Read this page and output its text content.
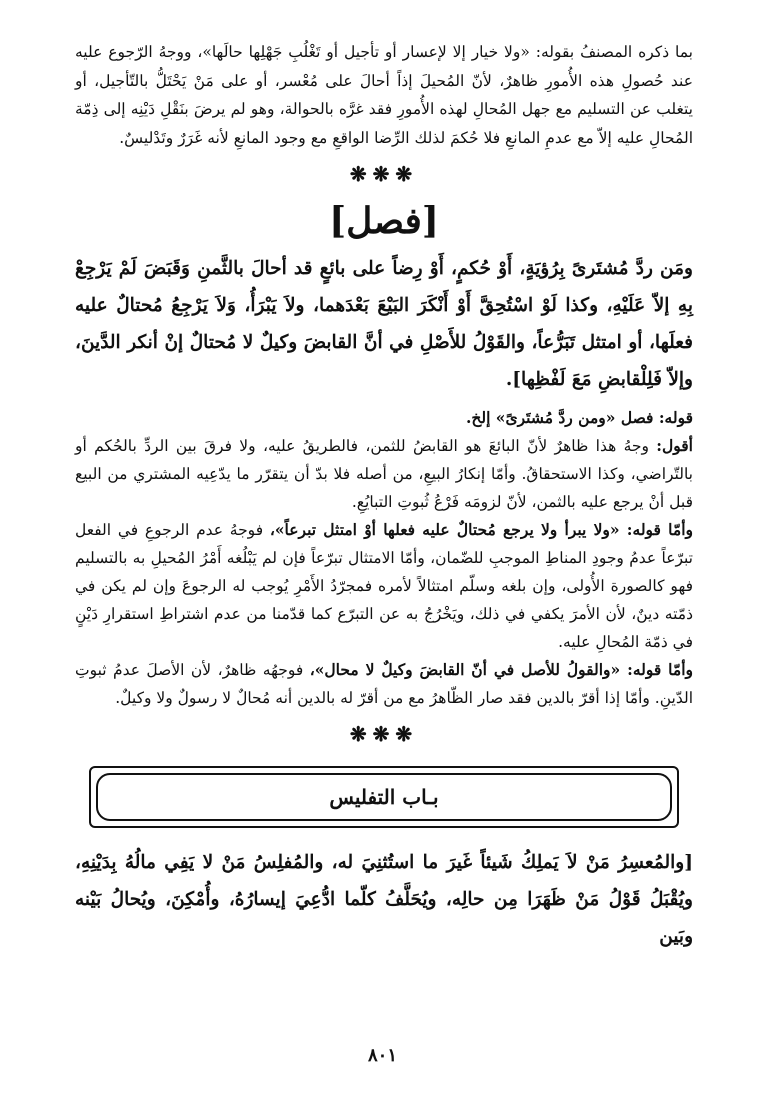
بما ذكره المصنفُ بقوله: «ولا خيار إلا لإعسار أو تأجيل أو تَغْلُبِ جَهْلِها حالَها»، ووجهُ الرّجوع عليه عند حُصولِ هذه الأُمورِ ظاهرٌ، لأنّ المُحيلَ إذاً أحالَ على مُعْسر، أو على مَنْ يَحْتَلُّ بالتّأجيل، أو يتغلب عن التسليم مع جهل المُحالِ لهذه الأُمورِ فقد غرَّه بالحوالة، وهو لم يرضَ بنَقْلِ دَيْنِه إلى ذِمّة المُحالِ عليه إلاّ مع عدمِ المانعِ فلا حُكمَ لذلك الرِّضا الواقعِ مع وجود المانعِ لأنه غَرَرٌ وتَدْليسٌ.

❋❋❋
[فصل]

ومَن ردَّ مُشتَرىً بِرُؤيَةٍ، أَوْ حُكمٍ، أَوْ رِضاً على بائعٍ قد أحالَ بالثَّمنِ وَقَبَضَ لَمْ يَرْجِعْ بِهِ إلاّ عَلَيْهِ، وكذا لَوْ اسْتُحِقَّ أَوْ أَنْكَرَ البَيْعَ بَعْدَهما، ولاَ يَبْرَأُ، وَلاَ يَرْجِعُ مُحتالٌ عليه فعلَها، أو امتثل تَبَرُّعاً، والقَوْلُ للأَصْلِ في أنَّ القابضَ وكيلٌ لا مُحتالٌ إنْ أنكر الدَّينَ، وإلاّ فَلِلْقابضِ مَعَ لَفْظِها].

قوله: فصل «ومن ردَّ مُشتَرىً» إلخ.

أقول: وجهُ هذا ظاهرٌ لأنّ البائعَ هو القابضُ للثمن، فالطريقُ عليه، ولا فرقَ بين الردِّ بالحُكم أو بالتّراضي، وكذا الاستحقاقُ. وأمّا إنكارُ البيعِ، من أصله فلا بدّ أن يتقرّر ما يدّعِيه المشتري من البيع قبل أنْ يرجع عليه بالثمن، لأنّ لزومَه فَرْعُ ثُبوتِ التبايُعِ.

وأمّا قوله: «ولا يبرأ ولا يرجع مُحتالٌ عليه فعلها أوْ امتثل تبرعاً»، فوجهُ عدم الرجوعِ في الفعل تبرّعاً عدمُ وجودِ المناطِ الموجبِ للضّمان، وأمّا الامتثال تبرّعاً فإن لم يَبْلُغه أَمْرُ المُحيلِ به بالتسليم فهو كالصورة الأُولى، وإن بلغه وسلّم امتثالاً لأمره فمجرّدُ الأَمْرِ يُوجب له الرجوعَ وإن لم يكن في ذمّته دينٌ، لأن الأمرَ يكفي في ذلك، ويَخْرُجُ به عن التبرّع كما قدّمنا من عدم اشتراطِ استقرارِ دَيْنٍ في ذمّة المُحالِ عليه.

وأمّا قوله: «والقولُ للأصل في أنّ القابضَ وكيلٌ لا محال»، فوجهُه ظاهرٌ، لأن الأصلَ عدمُ ثبوتِ الدّينِ. وأمّا إذا أقرّ بالدين فقد صار الظّاهرُ مع من أقرّ له بالدين أنه مُحالٌ لا رسولٌ ولا وكيلٌ.

❋❋❋
بـاب التفليس

[والمُعسِرُ مَنْ لاَ يَملِكُ شَيئاً غَيرَ ما استُثنِيَ له، والمُفلِسُ مَنْ لا يَفِي مالُهُ بِدَيْنِهِ، ويُقْبَلُ قَوْلُ مَنْ ظَهَرَا مِن حالِه، ويُحَلَّفُ كلّما ادُّعِيَ إيسارُهُ، وأُمْكِنَ، ويُحالُ بَيْنه وبَين

٨٠١
